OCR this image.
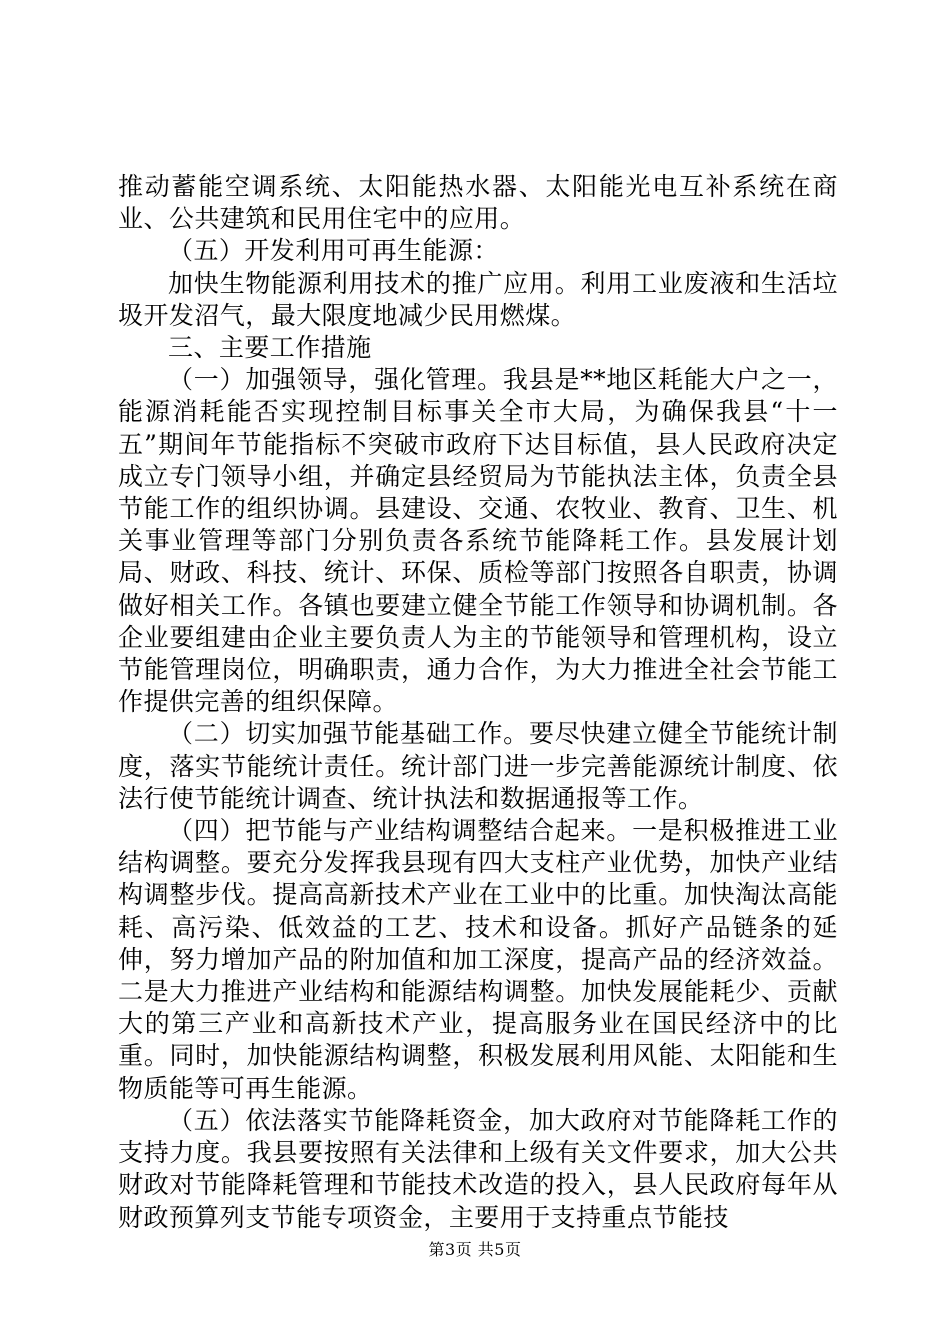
推动蓄能空调系统、太阳能热水器、太阳能光电互补系统在商业、公共建筑和民用住宅中的应用。

（五）开发利用可再生能源：

加快生物能源利用技术的推广应用。利用工业废液和生活垃圾开发沼气，最大限度地减少民用燃煤。

三、主要工作措施

（一）加强领导，强化管理。我县是**地区耗能大户之一，能源消耗能否实现控制目标事关全市大局，为确保我县“十一五”期间年节能指标不突破市政府下达目标值，县人民政府决定成立专门领导小组，并确定县经贸局为节能执法主体，负责全县节能工作的组织协调。县建设、交通、农牧业、教育、卫生、机关事业管理等部门分别负责各系统节能降耗工作。县发展计划局、财政、科技、统计、环保、质检等部门按照各自职责，协调做好相关工作。各镇也要建立健全节能工作领导和协调机制。各企业要组建由企业主要负责人为主的节能领导和管理机构，设立节能管理岗位，明确职责，通力合作，为大力推进全社会节能工作提供完善的组织保障。

（二）切实加强节能基础工作。要尽快建立健全节能统计制度，落实节能统计责任。统计部门进一步完善能源统计制度、依法行使节能统计调查、统计执法和数据通报等工作。

（四）把节能与产业结构调整结合起来。一是积极推进工业结构调整。要充分发挥我县现有四大支柱产业优势，加快产业结构调整步伐。提高高新技术产业在工业中的比重。加快淘汰高能耗、高污染、低效益的工艺、技术和设备。抓好产品链条的延伸，努力增加产品的附加值和加工深度，提高产品的经济效益。二是大力推进产业结构和能源结构调整。加快发展能耗少、贡献大的第三产业和高新技术产业，提高服务业在国民经济中的比重。同时，加快能源结构调整，积极发展利用风能、太阳能和生物质能等可再生能源。

（五）依法落实节能降耗资金，加大政府对节能降耗工作的支持力度。我县要按照有关法律和上级有关文件要求，加大公共财政对节能降耗管理和节能技术改造的投入，县人民政府每年从财政预算列支节能专项资金，主要用于支持重点节能技

第3页 共5页
